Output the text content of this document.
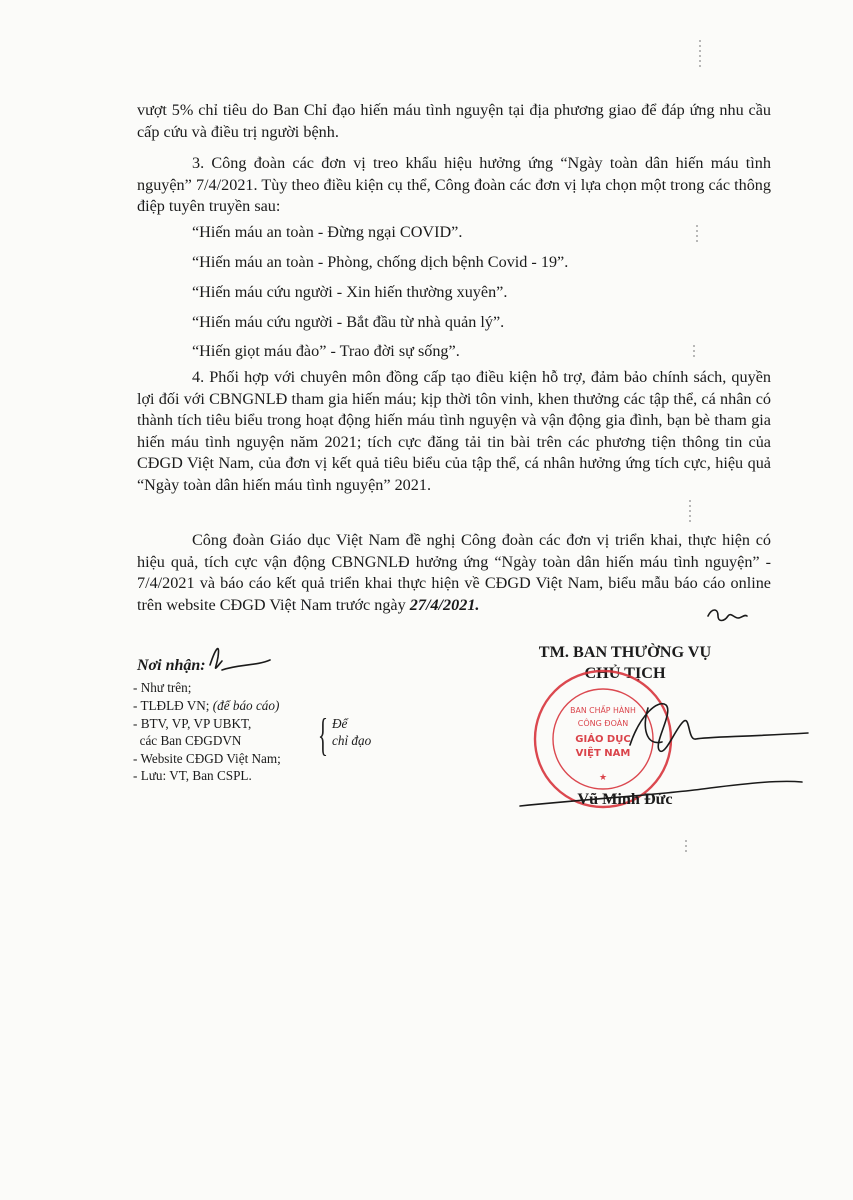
vượt 5% chỉ tiêu do Ban Chỉ đạo hiến máu tình nguyện tại địa phương giao để đáp ứng nhu cầu cấp cứu và điều trị người bệnh.

3. Công đoàn các đơn vị treo khẩu hiệu hưởng ứng “Ngày toàn dân hiến máu tình nguyện” 7/4/2021. Tùy theo điều kiện cụ thể, Công đoàn các đơn vị lựa chọn một trong các thông điệp tuyên truyền sau:

“Hiến máu an toàn - Đừng ngại COVID”.

“Hiến máu an toàn - Phòng, chống dịch bệnh Covid - 19”.

“Hiến máu cứu người - Xin hiến thường xuyên”.

“Hiến máu cứu người - Bắt đầu từ nhà quản lý”.

“Hiến giọt máu đào” - Trao đời sự sống”.

4. Phối hợp với chuyên môn đồng cấp tạo điều kiện hỗ trợ, đảm bảo chính sách, quyền lợi đối với CBNGNLĐ tham gia hiến máu; kịp thời tôn vinh, khen thưởng các tập thể, cá nhân có thành tích tiêu biểu trong hoạt động hiến máu tình nguyện và vận động gia đình, bạn bè tham gia hiến máu tình nguyện năm 2021; tích cực đăng tải tin bài trên các phương tiện thông tin của CĐGD Việt Nam, của đơn vị kết quả tiêu biểu của tập thể, cá nhân hưởng ứng tích cực, hiệu quả “Ngày toàn dân hiến máu tình nguyện” 2021.

Công đoàn Giáo dục Việt Nam đề nghị Công đoàn các đơn vị triển khai, thực hiện có hiệu quả, tích cực vận động CBNGNLĐ hưởng ứng “Ngày toàn dân hiến máu tình nguyện” - 7/4/2021 và báo cáo kết quả triển khai thực hiện về CĐGD Việt Nam, biểu mẫu báo cáo online trên website CĐGD Việt Nam trước ngày 27/4/2021.

Nơi nhận:
- Như trên;
- TLĐLĐ VN; (để báo cáo)
- BTV, VP, VP UBKT,
các Ban CĐGDVN
- Website CĐGD Việt Nam;
- Lưu: VT, Ban CSPL.
{ Để
chỉ đạo
TM. BAN THƯỜNG VỤ
CHỦ TỊCH
BAN CHẤP HÀNH
CÔNG ĐOÀN
GIÁO DỤC
VIỆT NAM
★
Vũ Minh Đức
